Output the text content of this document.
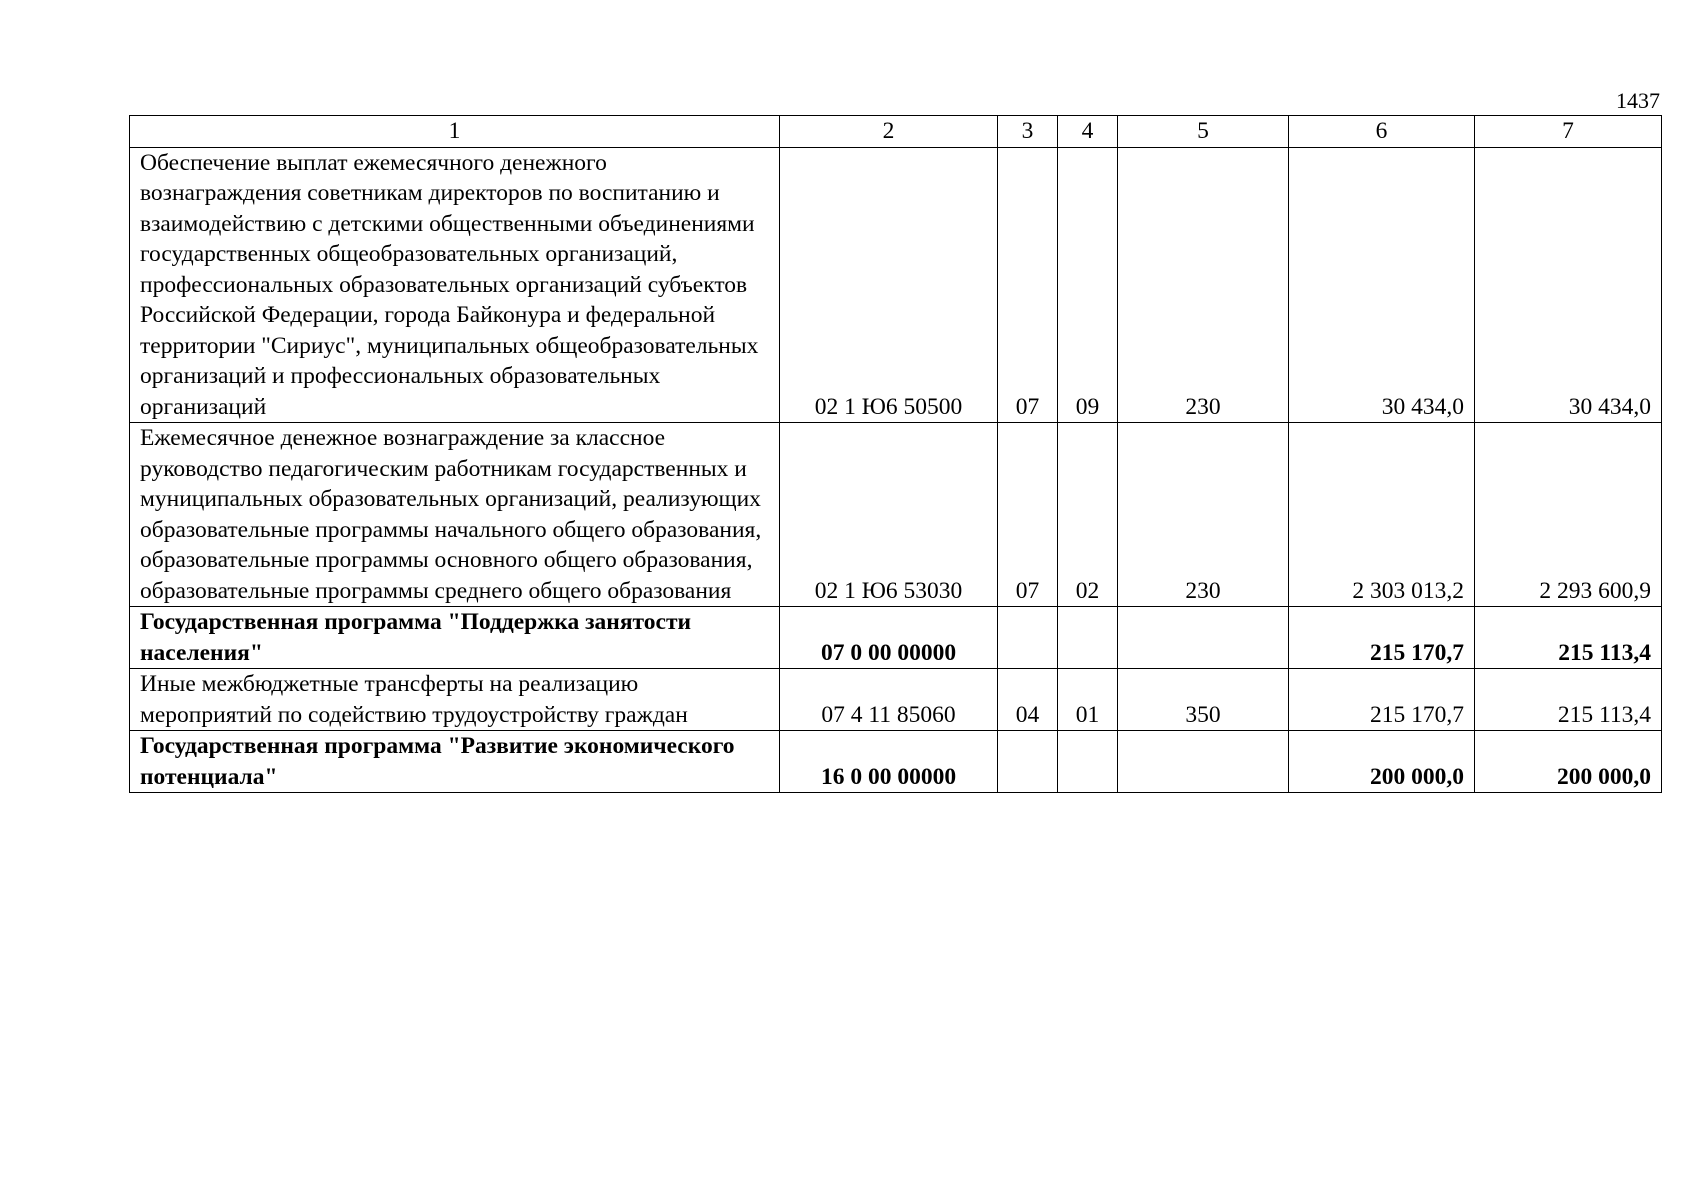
1437
1	2	3	4	5	6	7
Обеспечение выплат ежемесячного денежного вознаграждения советникам директоров по воспитанию и взаимодействию с детскими общественными объединениями государственных общеобразовательных организаций, профессиональных образовательных организаций субъектов Российской Федерации, города Байконура и федеральной территории "Сириус", муниципальных общеобразовательных организаций и профессиональных образовательных организаций	02 1 Ю6 50500	07	09	230	30 434,0	30 434,0
Ежемесячное денежное вознаграждение за классное руководство педагогическим работникам государственных и муниципальных образовательных организаций, реализующих образовательные программы начального общего образования, образовательные программы основного общего образования, образовательные программы среднего общего образования	02 1 Ю6 53030	07	02	230	2 303 013,2	2 293 600,9
Государственная программа "Поддержка занятости населения"	07 0 00 00000				215 170,7	215 113,4
Иные межбюджетные трансферты на реализацию мероприятий по содействию трудоустройству граждан	07 4 11 85060	04	01	350	215 170,7	215 113,4
Государственная программа "Развитие экономического потенциала"	16 0 00 00000				200 000,0	200 000,0
